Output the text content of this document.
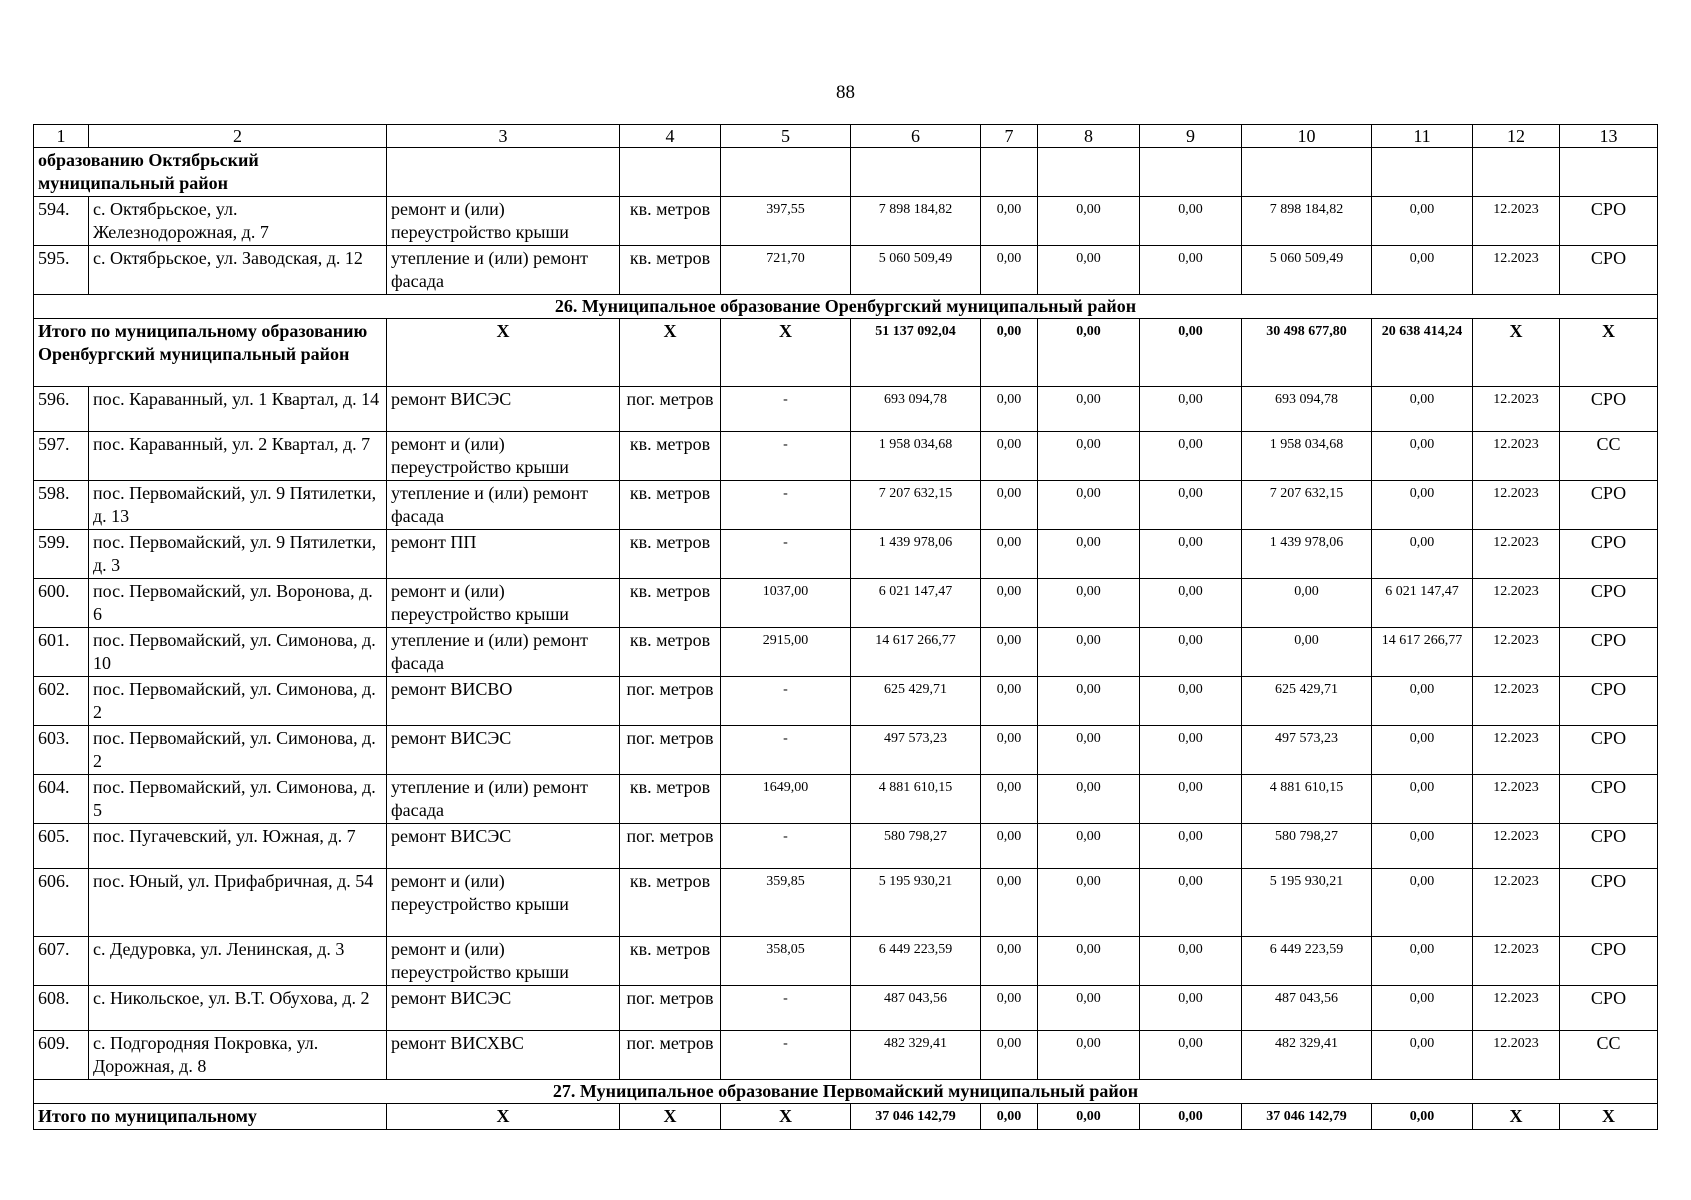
88
1	2	3	4	5	6	7	8	9	10	11	12	13
образованию Октябрьский муниципальный район												
594.	с. Октябрьское, ул. Железнодорожная, д. 7	ремонт и (или) переустройство крыши	кв. метров	397,55	7 898 184,82	0,00	0,00	0,00	7 898 184,82	0,00	12.2023	СРО
595.	с. Октябрьское, ул. Заводская, д. 12	утепление и (или) ремонт фасада	кв. метров	721,70	5 060 509,49	0,00	0,00	0,00	5 060 509,49	0,00	12.2023	СРО
26. Муниципальное образование Оренбургский муниципальный район												
Итого по муниципальному образованию Оренбургский муниципальный район		X	X	X	51 137 092,04	0,00	0,00	0,00	30 498 677,80	20 638 414,24	X	X
596.	пос. Караванный, ул. 1 Квартал, д. 14	ремонт ВИСЭС	пог. метров	-	693 094,78	0,00	0,00	0,00	693 094,78	0,00	12.2023	СРО
597.	пос. Караванный, ул. 2 Квартал, д. 7	ремонт и (или) переустройство крыши	кв. метров	-	1 958 034,68	0,00	0,00	0,00	1 958 034,68	0,00	12.2023	СС
598.	пос. Первомайский, ул. 9 Пятилетки, д. 13	утепление и (или) ремонт фасада	кв. метров	-	7 207 632,15	0,00	0,00	0,00	7 207 632,15	0,00	12.2023	СРО
599.	пос. Первомайский, ул. 9 Пятилетки, д. 3	ремонт ПП	кв. метров	-	1 439 978,06	0,00	0,00	0,00	1 439 978,06	0,00	12.2023	СРО
600.	пос. Первомайский, ул. Воронова, д. 6	ремонт и (или) переустройство крыши	кв. метров	1037,00	6 021 147,47	0,00	0,00	0,00	0,00	6 021 147,47	12.2023	СРО
601.	пос. Первомайский, ул. Симонова, д. 10	утепление и (или) ремонт фасада	кв. метров	2915,00	14 617 266,77	0,00	0,00	0,00	0,00	14 617 266,77	12.2023	СРО
602.	пос. Первомайский, ул. Симонова, д. 2	ремонт ВИСВО	пог. метров	-	625 429,71	0,00	0,00	0,00	625 429,71	0,00	12.2023	СРО
603.	пос. Первомайский, ул. Симонова, д. 2	ремонт ВИСЭС	пог. метров	-	497 573,23	0,00	0,00	0,00	497 573,23	0,00	12.2023	СРО
604.	пос. Первомайский, ул. Симонова, д. 5	утепление и (или) ремонт фасада	кв. метров	1649,00	4 881 610,15	0,00	0,00	0,00	4 881 610,15	0,00	12.2023	СРО
605.	пос. Пугачевский, ул. Южная, д. 7	ремонт ВИСЭС	пог. метров	-	580 798,27	0,00	0,00	0,00	580 798,27	0,00	12.2023	СРО
606.	пос. Юный, ул. Прифабричная, д. 54	ремонт и (или) переустройство крыши	кв. метров	359,85	5 195 930,21	0,00	0,00	0,00	5 195 930,21	0,00	12.2023	СРО
607.	с. Дедуровка, ул. Ленинская, д. 3	ремонт и (или) переустройство крыши	кв. метров	358,05	6 449 223,59	0,00	0,00	0,00	6 449 223,59	0,00	12.2023	СРО
608.	с. Никольское, ул. В.Т. Обухова, д. 2	ремонт ВИСЭС	пог. метров	-	487 043,56	0,00	0,00	0,00	487 043,56	0,00	12.2023	СРО
609.	с. Подгородняя Покровка, ул. Дорожная, д. 8	ремонт ВИСХВС	пог. метров	-	482 329,41	0,00	0,00	0,00	482 329,41	0,00	12.2023	СС
27. Муниципальное образование Первомайский муниципальный район												
Итого по муниципальному		X	X	X	37 046 142,79	0,00	0,00	0,00	37 046 142,79	0,00	X	X
